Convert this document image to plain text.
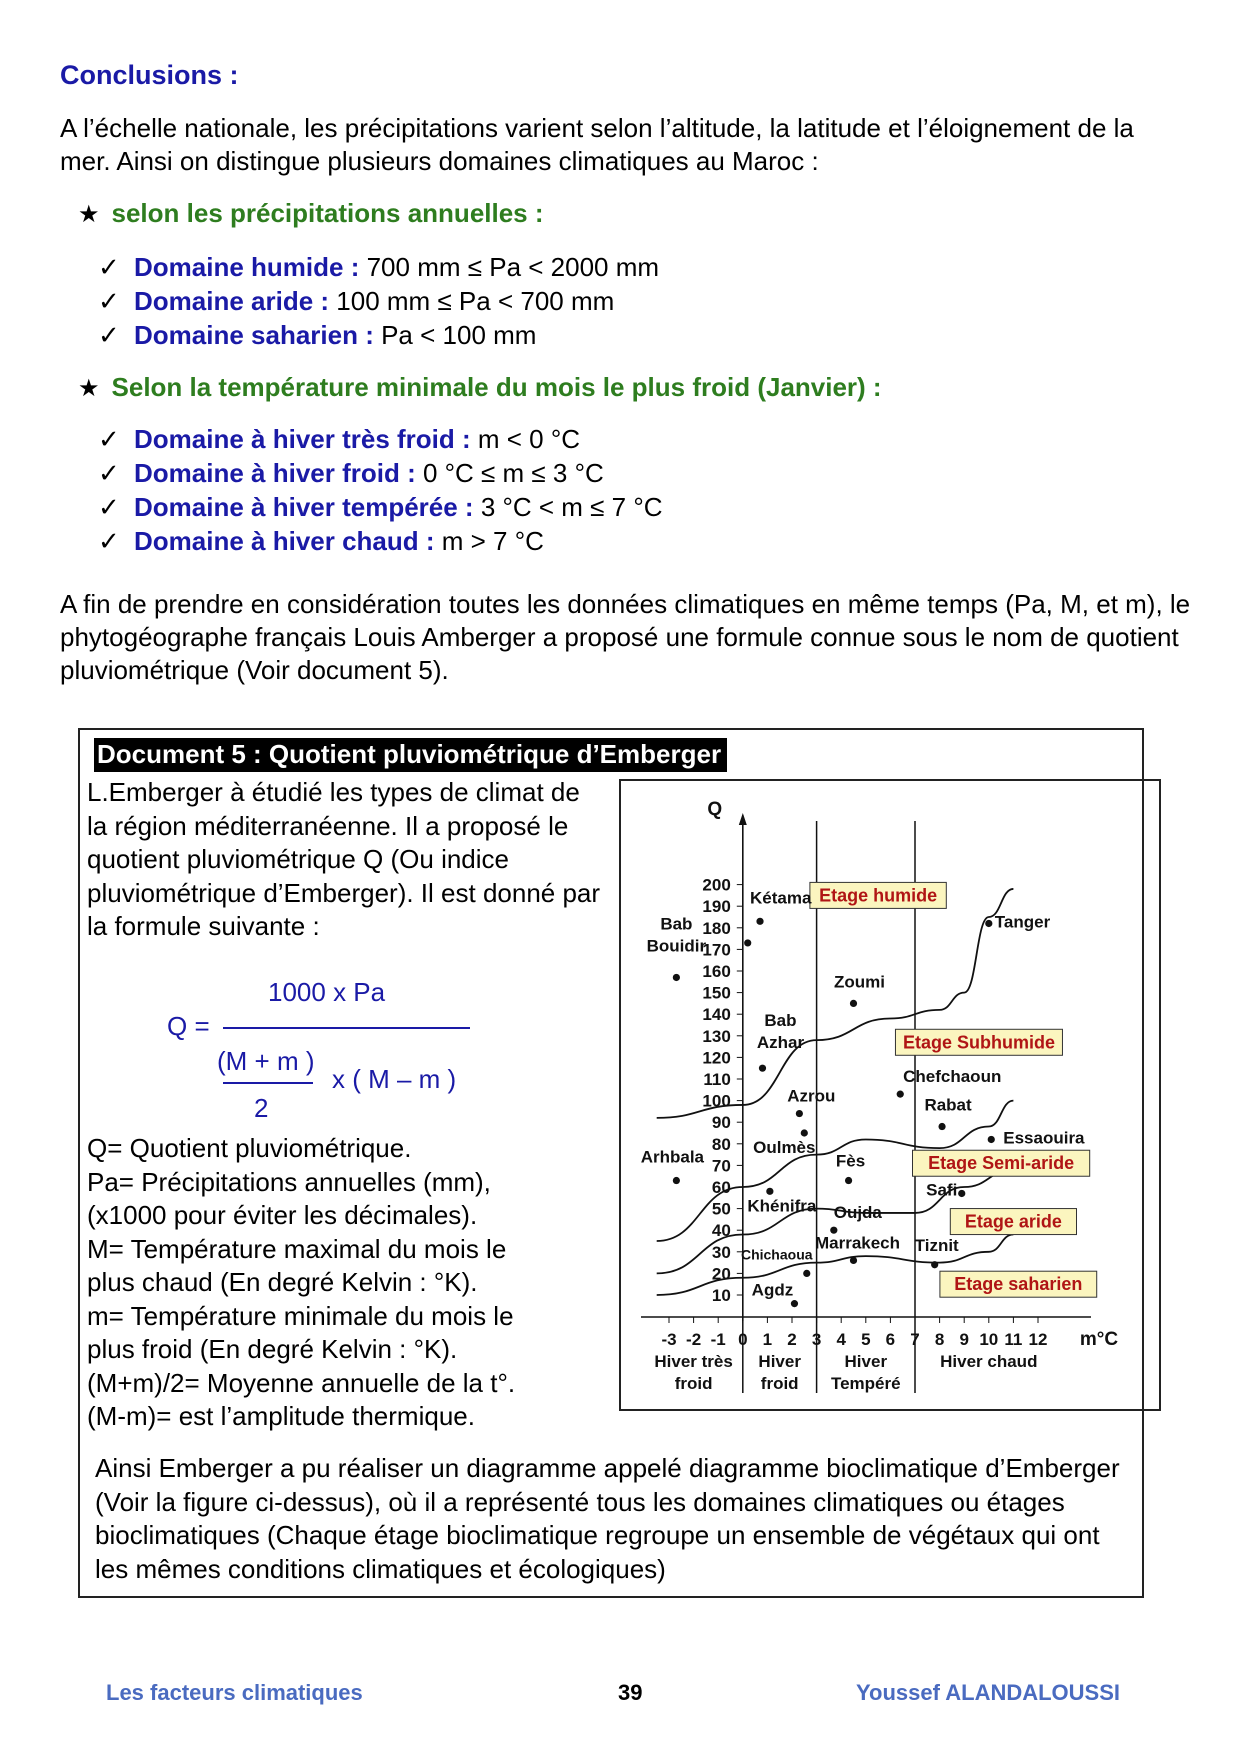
Conclusions :
A l’échelle nationale, les précipitations varient selon l’altitude, la latitude et l’éloignement de la mer. Ainsi on distingue plusieurs domaines climatiques au Maroc :
★ selon les précipitations annuelles :
✓ Domaine humide : 700 mm ≤ Pa < 2000 mm
✓ Domaine aride : 100 mm ≤ Pa < 700 mm
✓ Domaine saharien : Pa < 100 mm
★ Selon la température minimale du mois le plus froid (Janvier) :
✓ Domaine à hiver très froid : m < 0 °C
✓ Domaine à hiver froid : 0 °C ≤ m ≤ 3 °C
✓ Domaine à hiver tempérée : 3 °C < m ≤ 7 °C
✓ Domaine à hiver chaud : m > 7 °C
A fin de prendre en considération toutes les données climatiques en même temps (Pa, M, et m), le phytogéographe français Louis Amberger a proposé une formule connue sous le nom de quotient pluviométrique (Voir document 5).
Document 5 : Quotient pluviométrique d’Emberger
L.Emberger à étudié les types de climat de la région méditerranéenne. Il a proposé le quotient pluviométrique Q (Ou indice pluviométrique d’Emberger). Il est donné par la formule suivante :
Q =
1000 x Pa
(M + m )
2
x ( M – m )
Q= Quotient pluviométrique.
Pa= Précipitations annuelles (mm),
(x1000 pour éviter les décimales).
M= Température maximal du mois le
plus chaud (En degré Kelvin : °K).
m= Température minimale du mois le
plus froid (En degré Kelvin : °K).
(M+m)/2= Moyenne annuelle de la t°.
(M-m)= est l’amplitude thermique.
10
20
30
40
50
60
70
80
90
100
110
120
130
140
150
160
170
180
190
200
Q
-3 -2 -1 0 1 2 3 4 5 6 7 8 9 10 11 12 m°C
Hiver très
froid
Hiver
froid
Hiver
Tempéré
Hiver chaud
Etage humide
Etage Subhumide
Etage Semi-aride
Etage aride
Etage saharien
Kétama
Bab
Bouidir
Tanger
Zoumi
Bab
Azhar
Chefchaoun
Azrou	Rabat
Oulmès
Essaouira
Arhbala	Fès
Safi
Khénifra Oujda
Marrakech Tiznit
Chichaoua
Agdz
Ainsi Emberger a pu réaliser un diagramme appelé diagramme bioclimatique d’Emberger (Voir la figure ci-dessus), où il a représenté tous les domaines climatiques ou étages bioclimatiques (Chaque étage bioclimatique regroupe un ensemble de végétaux qui ont les mêmes conditions climatiques et écologiques)
Les facteurs climatiques	39	Youssef ALANDALOUSSI
